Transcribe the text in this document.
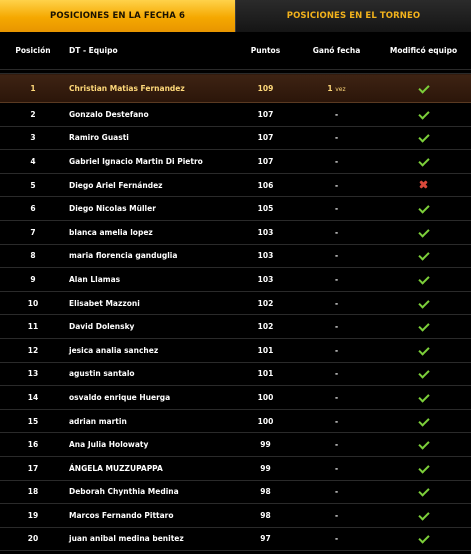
POSICIONES EN LA FECHA 6	POSICIONES EN EL TORNEO
Posición	DT - Equipo	Puntos	Ganó fecha	Modificó equipo

1	Christian Matias Fernandez	109	1 vez	
2	Gonzalo Destefano	107	-	
3	Ramiro Guasti	107	-	
4	Gabriel Ignacio Martin Di Pietro	107	-	
5	Diego Ariel Fernández	106	-	
6	Diego Nicolas Müller	105	-	
7	blanca amelia lopez	103	-	
8	maria florencia ganduglia	103	-	
9	Alan Llamas	103	-	
10	Elisabet Mazzoni	102	-	
11	David Dolensky	102	-	
12	jesica analia sanchez	101	-	
13	agustin santalo	101	-	
14	osvaldo enrique Huerga	100	-	
15	adrian martin	100	-	
16	Ana Julia Holowaty	99	-	
17	ÁNGELA MUZZUPAPPA	99	-	
18	Deborah Chynthia Medina	98	-	
19	Marcos Fernando Pittaro	98	-	
20	juan anibal medina benitez	97	-	
